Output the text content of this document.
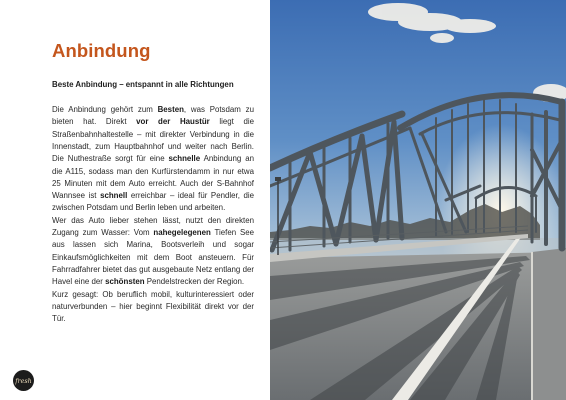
Anbindung
Beste Anbindung – entspannt in alle Richtungen

Die Anbindung gehört zum Besten, was Potsdam zu bieten hat. Direkt vor der Haustür liegt die Straßenbahnhaltestelle – mit direkter Verbindung in die Innenstadt, zum Hauptbahnhof und weiter nach Berlin. Die Nuthestraße sorgt für eine schnelle Anbindung an die A115, sodass man den Kurfürstendamm in nur etwa 25 Minuten mit dem Auto erreicht. Auch der S-Bahnhof Wannsee ist schnell erreichbar – ideal für Pendler, die zwischen Potsdam und Berlin leben und arbeiten.

Wer das Auto lieber stehen lässt, nutzt den direkten Zugang zum Wasser: Vom nahegelegenen Tiefen See aus lassen sich Marina, Bootsverleih und sogar Einkaufsmöglichkeiten mit dem Boot ansteuern. Für Fahrradfahrer bietet das gut ausgebaute Netz entlang der Havel eine der schönsten Pendelstrecken der Region.

Kurz gesagt: Ob beruflich mobil, kulturinteressiert oder naturverbunden – hier beginnt Flexibilität direkt vor der Tür.

fresh
